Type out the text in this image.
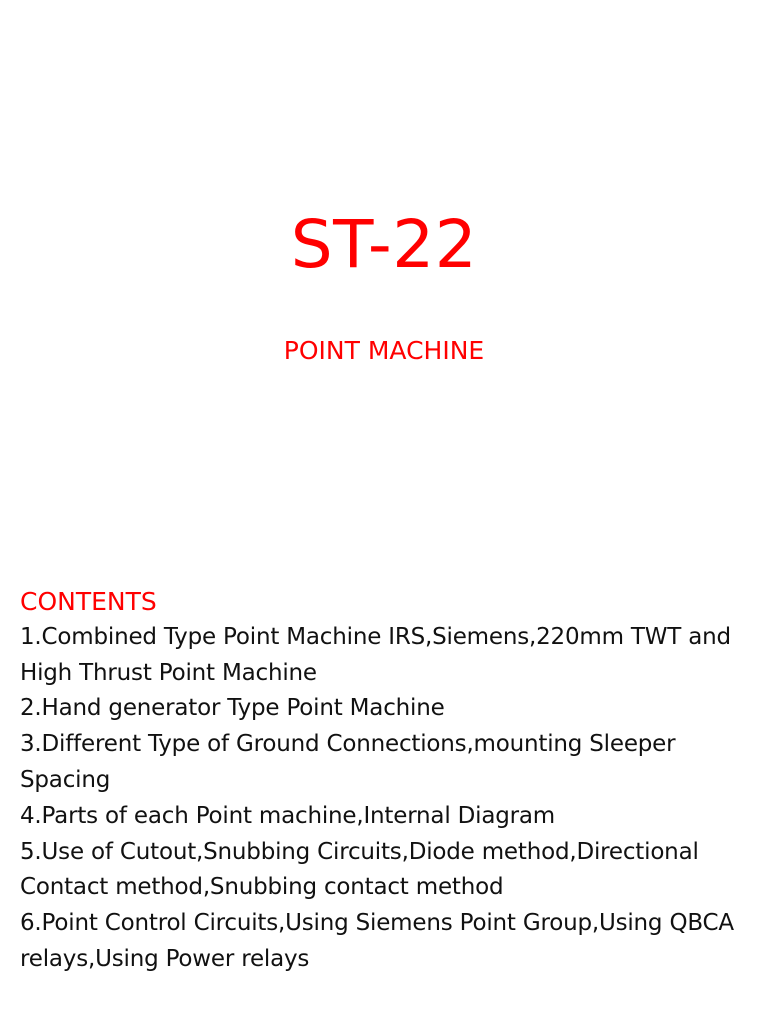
ST-22
POINT MACHINE
CONTENTS
1.Combined Type Point Machine IRS,Siemens,220mm TWT and High Thrust Point Machine
2.Hand generator Type Point Machine
3.Different Type of Ground Connections,mounting Sleeper Spacing
4.Parts of each Point machine,Internal Diagram
5.Use of Cutout,Snubbing Circuits,Diode method,Directional Contact method,Snubbing contact method
6.Point Control Circuits,Using Siemens Point Group,Using QBCA relays,Using Power relays
